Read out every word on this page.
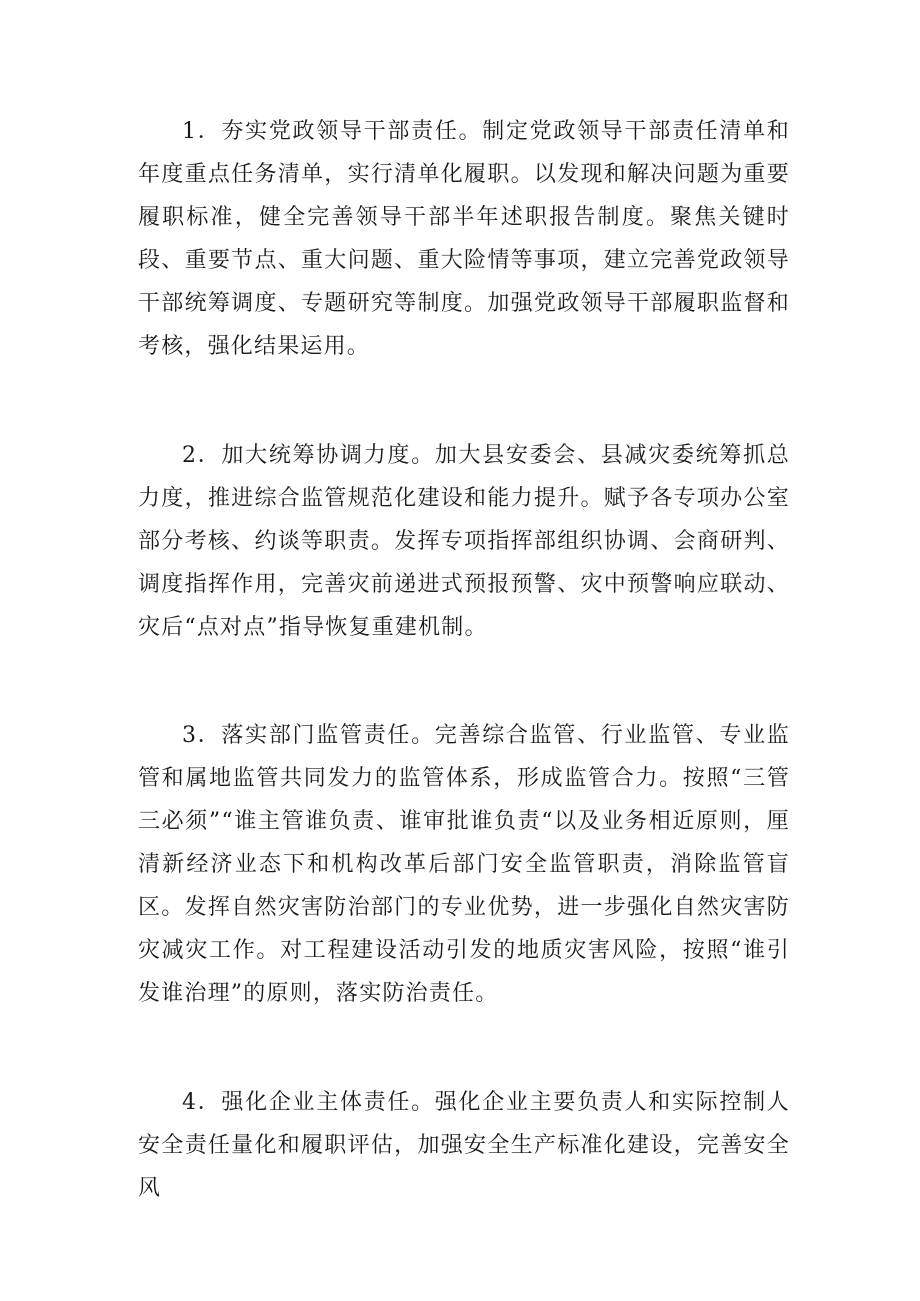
1．夯实党政领导干部责任。制定党政领导干部责任清单和年度重点任务清单，实行清单化履职。以发现和解决问题为重要履职标准，健全完善领导干部半年述职报告制度。聚焦关键时段、重要节点、重大问题、重大险情等事项，建立完善党政领导干部统筹调度、专题研究等制度。加强党政领导干部履职监督和考核，强化结果运用。

2．加大统筹协调力度。加大县安委会、县减灾委统筹抓总力度，推进综合监管规范化建设和能力提升。赋予各专项办公室部分考核、约谈等职责。发挥专项指挥部组织协调、会商研判、调度指挥作用，完善灾前递进式预报预警、灾中预警响应联动、灾后“点对点”指导恢复重建机制。

3．落实部门监管责任。完善综合监管、行业监管、专业监管和属地监管共同发力的监管体系，形成监管合力。按照“三管三必须”“谁主管谁负责、谁审批谁负责“以及业务相近原则，厘清新经济业态下和机构改革后部门安全监管职责，消除监管盲区。发挥自然灾害防治部门的专业优势，进一步强化自然灾害防灾减灾工作。对工程建设活动引发的地质灾害风险，按照“谁引发谁治理”的原则，落实防治责任。

4．强化企业主体责任。强化企业主要负责人和实际控制人安全责任量化和履职评估，加强安全生产标准化建设，完善安全风
